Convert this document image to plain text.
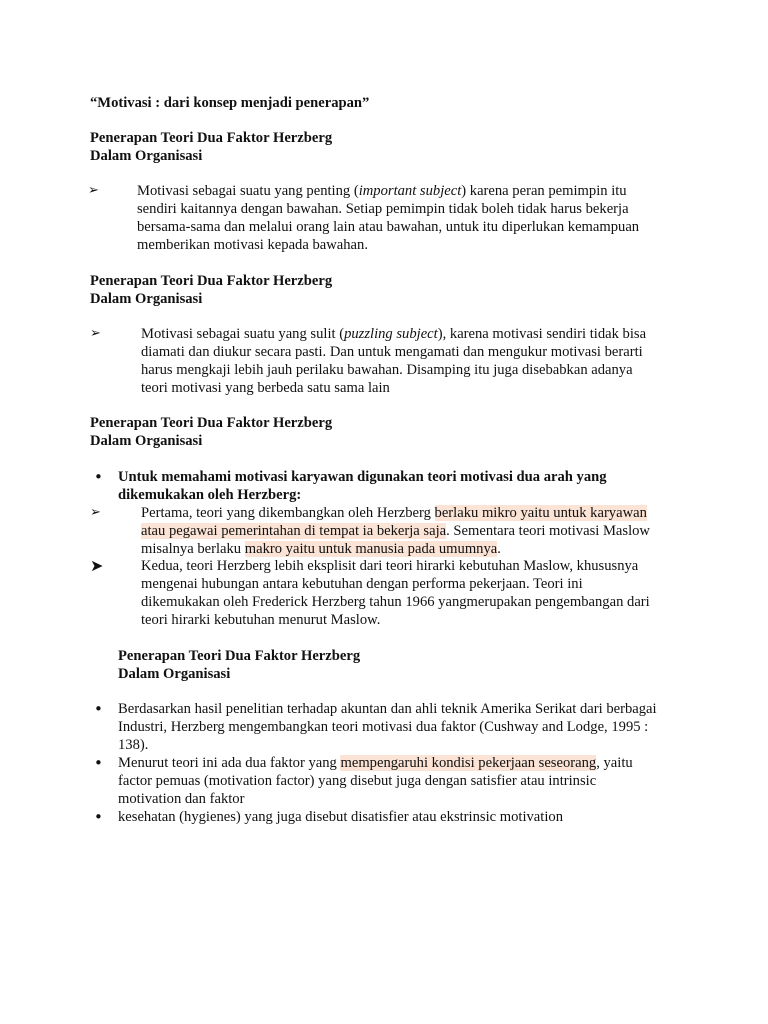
“Motivasi : dari konsep menjadi penerapan”
Penerapan Teori Dua Faktor Herzberg
Dalam Organisasi
➢	Motivasi sebagai suatu yang penting (important subject) karena peran pemimpin itu
sendiri kaitannya dengan bawahan. Setiap pemimpin tidak boleh tidak harus bekerja
bersama-sama dan melalui orang lain atau bawahan, untuk itu diperlukan kemampuan
memberikan motivasi kepada bawahan.
Penerapan Teori Dua Faktor Herzberg
Dalam Organisasi
➢	Motivasi sebagai suatu yang sulit (puzzling subject), karena motivasi sendiri tidak bisa
diamati dan diukur secara pasti. Dan untuk mengamati dan mengukur motivasi berarti
harus mengkaji lebih jauh perilaku bawahan. Disamping itu juga disebabkan adanya
teori motivasi yang berbeda satu sama lain
Penerapan Teori Dua Faktor Herzberg
Dalam Organisasi
• Untuk memahami motivasi karyawan digunakan teori motivasi dua arah yang
dikemukakan oleh Herzberg:
➢	Pertama, teori yang dikembangkan oleh Herzberg berlaku mikro yaitu untuk karyawan
atau pegawai pemerintahan di tempat ia bekerja saja. Sementara teori motivasi Maslow
misalnya berlaku makro yaitu untuk manusia pada umumnya.
➤	Kedua, teori Herzberg lebih eksplisit dari teori hirarki kebutuhan Maslow, khususnya
mengenai hubungan antara kebutuhan dengan performa pekerjaan. Teori ini
dikemukakan oleh Frederick Herzberg tahun 1966 yangmerupakan pengembangan dari
teori hirarki kebutuhan menurut Maslow.
Penerapan Teori Dua Faktor Herzberg
Dalam Organisasi
• Berdasarkan hasil penelitian terhadap akuntan dan ahli teknik Amerika Serikat dari berbagai
Industri, Herzberg mengembangkan teori motivasi dua faktor (Cushway and Lodge, 1995 :
138).
• Menurut teori ini ada dua faktor yang mempengaruhi kondisi pekerjaan seseorang, yaitu
factor pemuas (motivation factor) yang disebut juga dengan satisfier atau intrinsic
motivation dan faktor
• kesehatan (hygienes) yang juga disebut disatisfier atau ekstrinsic motivation
